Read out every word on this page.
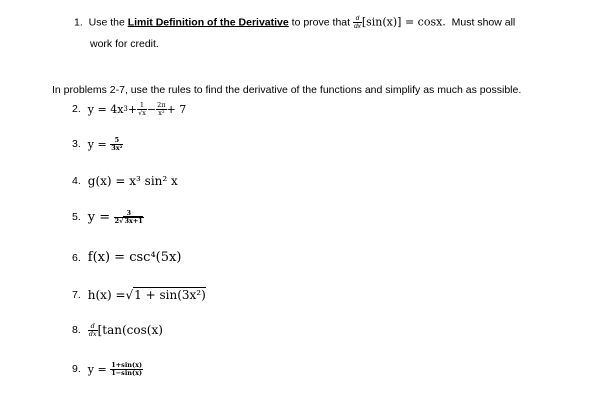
1. Use the Limit Definition of the Derivative to prove that $\frac{d}{dx} [\sin(x)] = \cos x$. Must show all
work for credit.
In problems 2-7, use the rules to find the derivative of the functions and simplify as much as possible.
2.
y = 4x $3 + \frac{1}{√x} - \frac{2\pi}{\text{x²}} + 7$
3.
y =
$\frac{5}{\text{3x²}}$
4.
g(x) = x³ sin² x
5.
y =
$\frac{3}{2√3x+1}$
6.
f(x) = csc⁴(5x)
7.
h(x) = √ 1 + sin(3x²)
8.
$\frac{d}{dx} [\tan(\cos(x)$
9.
y =
$\frac{1+\sin(x)}{1-\sin(x)}$
